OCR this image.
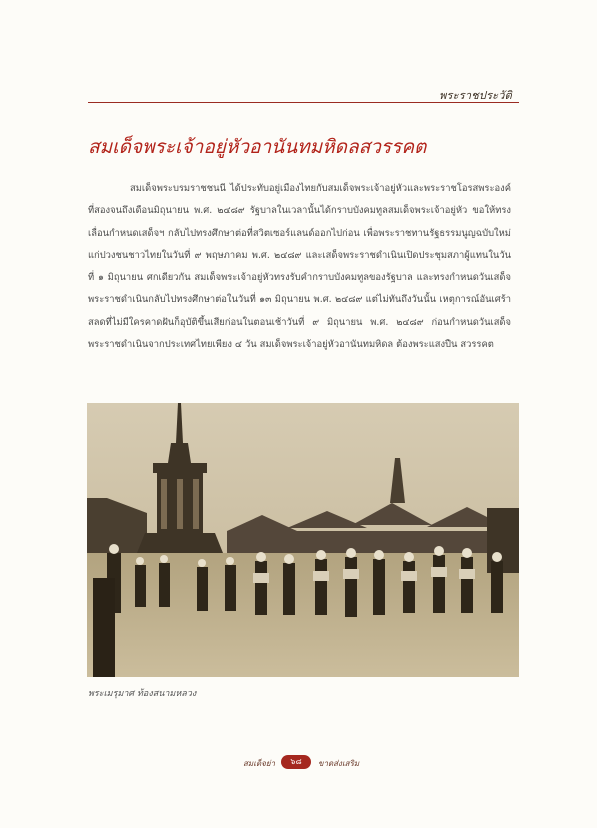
พระราชประวัติ
สมเด็จพระเจ้าอยู่หัวอานันทมหิดลสวรรคต

สมเด็จพระบรมราชชนนี ได้ประทับอยู่เมืองไทยกับสมเด็จพระเจ้าอยู่หัวและพระราชโอรสพระองค์ที่สองจนถึงเดือนมิถุนายน พ.ศ. ๒๔๘๙ รัฐบาลในเวลานั้นได้กราบบังคมทูลสมเด็จพระเจ้าอยู่หัว ขอให้ทรงเลื่อนกำหนดเสด็จฯ กลับไปทรงศึกษาต่อที่สวิตเซอร์แลนด์ออกไปก่อน เพื่อพระราชทานรัฐธรรมนูญฉบับใหม่แก่ปวงชนชาวไทยในวันที่ ๙ พฤษภาคม พ.ศ. ๒๔๘๙ และเสด็จพระราชดำเนินเปิดประชุมสภาผู้แทนในวันที่ ๑ มิถุนายน ศกเดียวกัน สมเด็จพระเจ้าอยู่หัวทรงรับคำกราบบังคมทูลของรัฐบาล และทรงกำหนดวันเสด็จพระราชดำเนินกลับไปทรงศึกษาต่อในวันที่ ๑๓ มิถุนายน พ.ศ. ๒๔๘๙ แต่ไม่ทันถึงวันนั้น เหตุการณ์อันเศร้าสลดที่ไม่มีใครคาดฝันก็อุบัติขึ้นเสียก่อนในตอนเช้าวันที่ ๙ มิถุนายน พ.ศ. ๒๔๘๙ ก่อนกำหนดวันเสด็จพระราชดำเนินจากประเทศไทยเพียง ๔ วัน สมเด็จพระเจ้าอยู่หัวอานันทมหิดล ต้องพระแสงปืน สวรรคต

พระเมรุมาศ ท้องสนามหลวง
สมเด็จย่า	๖๘	ขาดส่งเสริม
